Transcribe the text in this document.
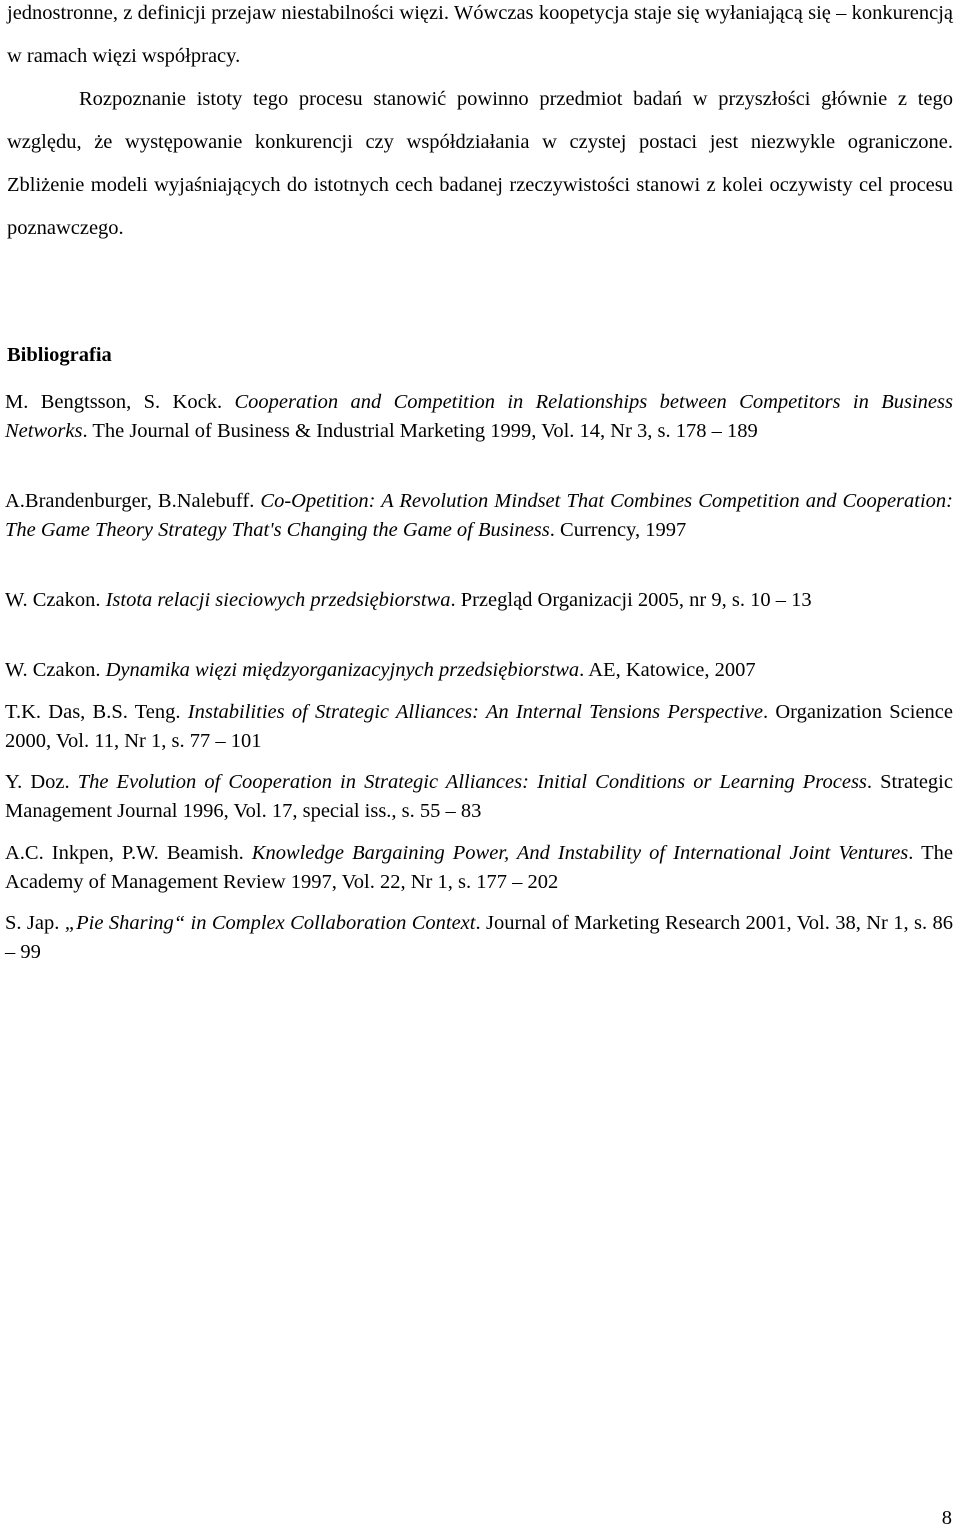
jednostronne, z definicji przejaw niestabilności więzi. Wówczas koopetycja staje się wyłaniającą się – konkurencją w ramach więzi współpracy.

Rozpoznanie istoty tego procesu stanowić powinno przedmiot badań w przyszłości głównie z tego względu, że występowanie konkurencji czy współdziałania w czystej postaci jest niezwykle ograniczone. Zbliżenie modeli wyjaśniających do istotnych cech badanej rzeczywistości stanowi z kolei oczywisty cel procesu poznawczego.

Bibliografia

M. Bengtsson, S. Kock. Cooperation and Competition in Relationships between Competitors in Business Networks. The Journal of Business & Industrial Marketing 1999, Vol. 14, Nr 3, s. 178 – 189

A.Brandenburger, B.Nalebuff. Co-Opetition: A Revolution Mindset That Combines Competition and Cooperation: The Game Theory Strategy That's Changing the Game of Business. Currency, 1997

W. Czakon. Istota relacji sieciowych przedsiębiorstwa. Przegląd Organizacji 2005, nr 9, s. 10 – 13

W. Czakon. Dynamika więzi międzyorganizacyjnych przedsiębiorstwa. AE, Katowice, 2007

T.K. Das, B.S. Teng. Instabilities of Strategic Alliances: An Internal Tensions Perspective. Organization Science 2000, Vol. 11, Nr 1, s. 77 – 101

Y. Doz. The Evolution of Cooperation in Strategic Alliances: Initial Conditions or Learning Process. Strategic Management Journal 1996, Vol. 17, special iss., s. 55 – 83

A.C. Inkpen, P.W. Beamish. Knowledge Bargaining Power, And Instability of International Joint Ventures. The Academy of Management Review 1997, Vol. 22, Nr 1, s. 177 – 202

S. Jap. „Pie Sharing“ in Complex Collaboration Context. Journal of Marketing Research 2001, Vol. 38, Nr 1, s. 86 – 99

8
